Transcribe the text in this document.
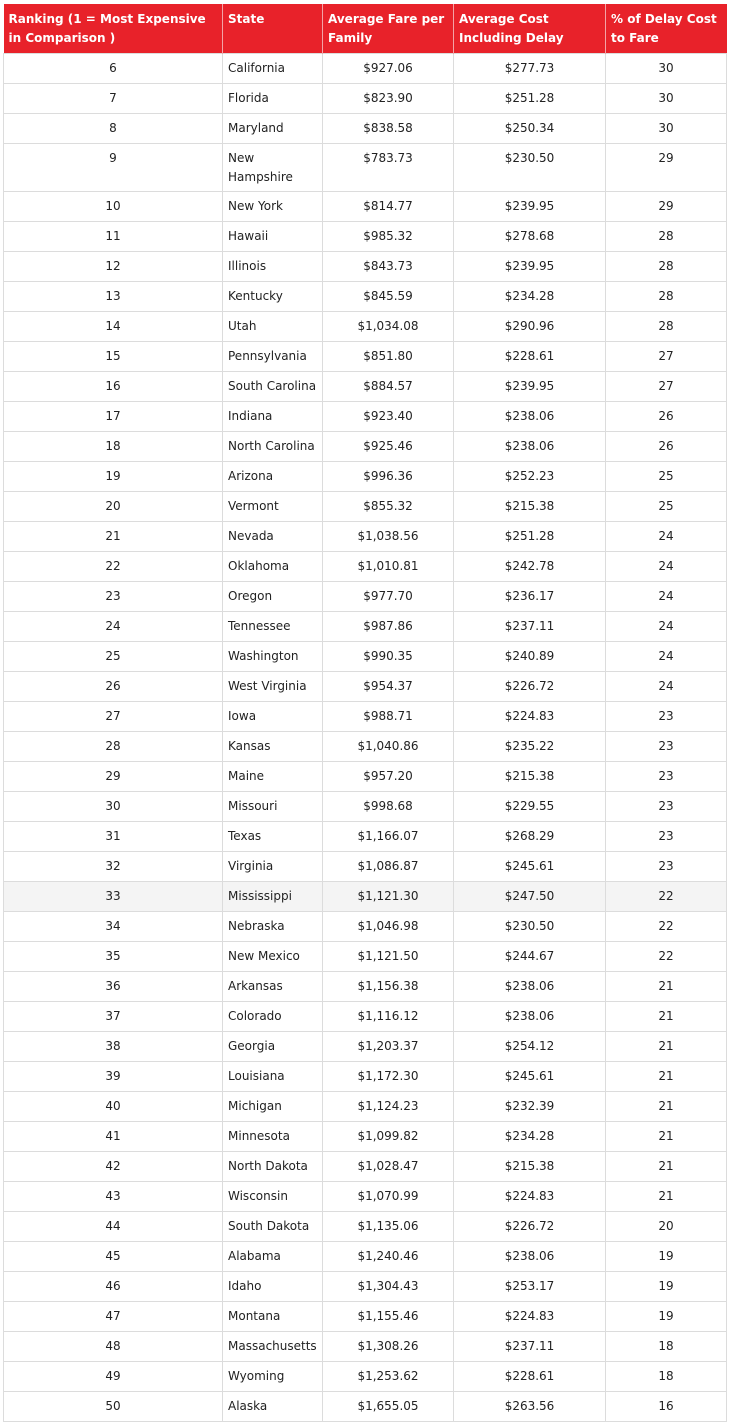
Ranking (1 = Most Expensive in Comparison )	State	Average Fare per Family	Average Cost Including Delay	% of Delay Cost to Fare
6	California	$927.06	$277.73	30
7	Florida	$823.90	$251.28	30
8	Maryland	$838.58	$250.34	30
9	New Hampshire	$783.73	$230.50	29
10	New York	$814.77	$239.95	29
11	Hawaii	$985.32	$278.68	28
12	Illinois	$843.73	$239.95	28
13	Kentucky	$845.59	$234.28	28
14	Utah	$1,034.08	$290.96	28
15	Pennsylvania	$851.80	$228.61	27
16	South Carolina	$884.57	$239.95	27
17	Indiana	$923.40	$238.06	26
18	North Carolina	$925.46	$238.06	26
19	Arizona	$996.36	$252.23	25
20	Vermont	$855.32	$215.38	25
21	Nevada	$1,038.56	$251.28	24
22	Oklahoma	$1,010.81	$242.78	24
23	Oregon	$977.70	$236.17	24
24	Tennessee	$987.86	$237.11	24
25	Washington	$990.35	$240.89	24
26	West Virginia	$954.37	$226.72	24
27	Iowa	$988.71	$224.83	23
28	Kansas	$1,040.86	$235.22	23
29	Maine	$957.20	$215.38	23
30	Missouri	$998.68	$229.55	23
31	Texas	$1,166.07	$268.29	23
32	Virginia	$1,086.87	$245.61	23
33	Mississippi	$1,121.30	$247.50	22
34	Nebraska	$1,046.98	$230.50	22
35	New Mexico	$1,121.50	$244.67	22
36	Arkansas	$1,156.38	$238.06	21
37	Colorado	$1,116.12	$238.06	21
38	Georgia	$1,203.37	$254.12	21
39	Louisiana	$1,172.30	$245.61	21
40	Michigan	$1,124.23	$232.39	21
41	Minnesota	$1,099.82	$234.28	21
42	North Dakota	$1,028.47	$215.38	21
43	Wisconsin	$1,070.99	$224.83	21
44	South Dakota	$1,135.06	$226.72	20
45	Alabama	$1,240.46	$238.06	19
46	Idaho	$1,304.43	$253.17	19
47	Montana	$1,155.46	$224.83	19
48	Massachusetts	$1,308.26	$237.11	18
49	Wyoming	$1,253.62	$228.61	18
50	Alaska	$1,655.05	$263.56	16
